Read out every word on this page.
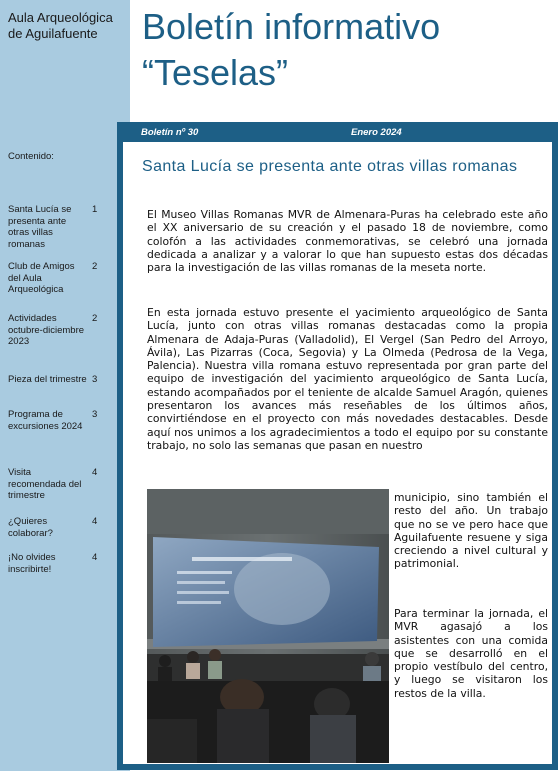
Aula Arqueológica de Aguilafuente
Contenido:
Santa Lucía se presenta ante otras villas romanas
1
Club de Amigos del Aula Arqueológica
2
Actividades octubre-diciembre 2023
2
Pieza del trimestre 3
Programa de excursiones 2024
3
Visita recomendada del trimestre
4
¿Quieres colaborar?
4
¡No olvides inscribirte!
4
Boletín informativo “Teselas”
Boletín nº 30	Enero 2024
Santa Lucía se presenta ante otras villas romanas
El Museo Villas Romanas MVR de Almenara-Puras ha celebrado este año el XX aniversario de su creación y el pasado 18 de noviembre, como colofón a las actividades conmemorativas, se celebró una jornada dedicada a analizar y a valorar lo que han supuesto estas dos décadas para la investigación de las villas romanas de la meseta norte.
En esta jornada estuvo presente el yacimiento arqueológico de Santa Lucía, junto con otras villas romanas destacadas como la propia Almenara de Adaja-Puras (Valladolid), El Vergel (San Pedro del Arroyo, Ávila), Las Pizarras (Coca, Segovia) y La Olmeda (Pedrosa de la Vega, Palencia). Nuestra villa romana estuvo representada por gran parte del equipo de investigación del yacimiento arqueológico de Santa Lucía, estando acompañados por el teniente de alcalde Samuel Aragón, quienes presentaron los avances más reseñables de los últimos años, convirtiéndose en el proyecto con más novedades destacables. Desde aquí nos unimos a los agradecimientos a todo el equipo por su constante trabajo, no solo las semanas que pasan en nuestro
municipio, sino también el resto del año. Un trabajo que no se ve pero hace que Aguilafuente resuene y siga creciendo a nivel cultural y patrimonial.
Para terminar la jornada, el MVR agasajó a los asistentes con una comida que se desarrolló en el propio vestíbulo del centro, y luego se visitaron los restos de la villa.
